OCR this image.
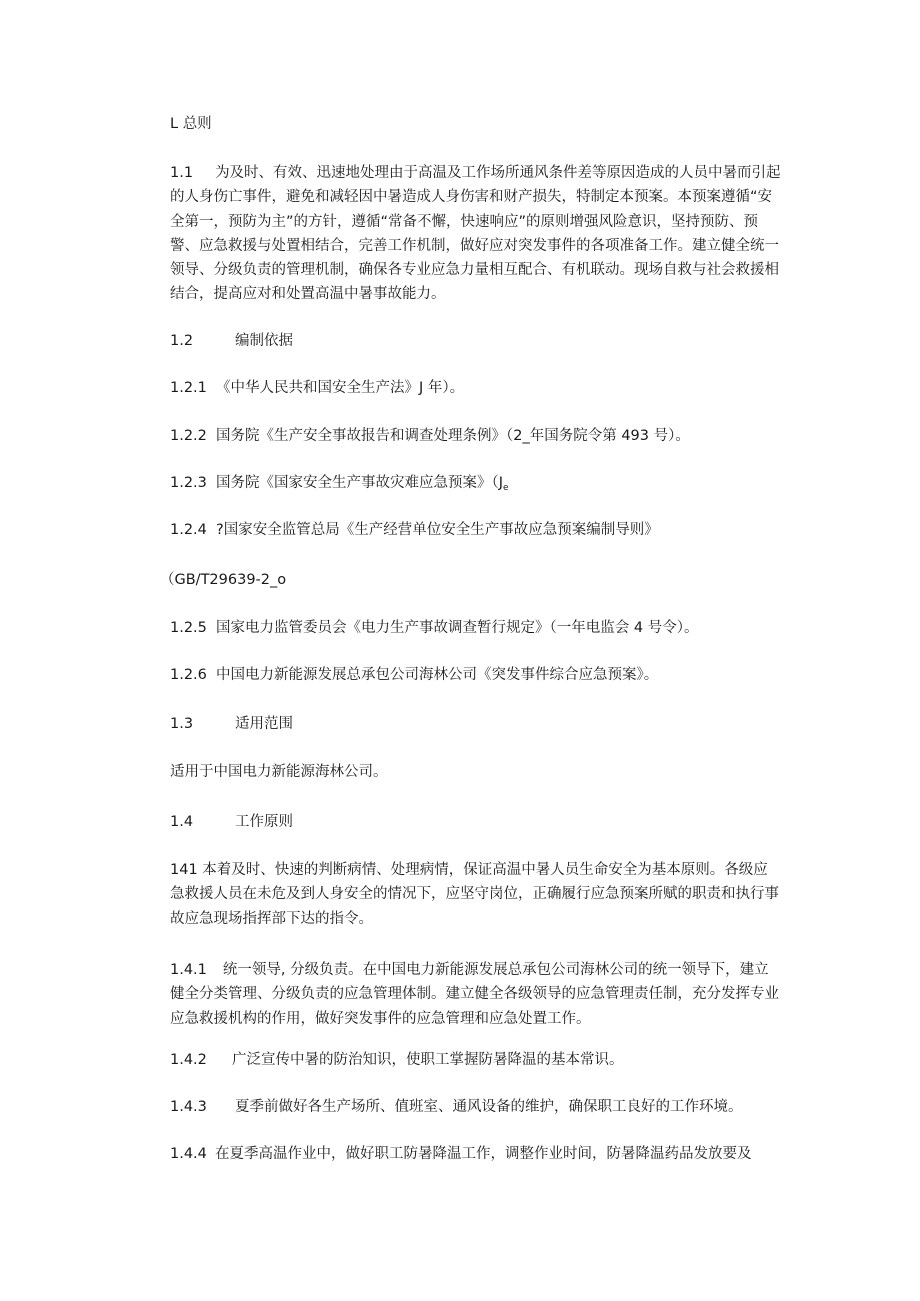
L 总则
1.1 为及时、有效、迅速地处理由于高温及工作场所通风条件差等原因造成的人员中暑而引起的人身伤亡事件，避免和减轻因中暑造成人身伤害和财产损失，特制定本预案。本预案遵循“安全第一，预防为主”的方针，遵循“常备不懈，快速响应”的原则增强风险意识，坚持预防、预警、应急救援与处置相结合，完善工作机制，做好应对突发事件的各项准备工作。建立健全统一领导、分级负责的管理机制，确保各专业应急力量相互配合、有机联动。现场自救与社会救援相结合，提高应对和处置高温中暑事故能力。
1.2	编制依据
1.2.1 《中华人民共和国安全生产法》J 年）。
1.2.2 国务院《生产安全事故报告和调查处理条例》（2_年国务院令第 493 号）。
1.2.3 国务院《国家安全生产事故灾难应急预案》（$J_e$
1.2.4 ?国家安全监管总局《生产经营单位安全生产事故应急预案编制导则》
（GB/T29639-2_o
1.2.5 国家电力监管委员会《电力生产事故调查暂行规定》（一年电监会 4 号令）。
1.2.6 中国电力新能源发展总承包公司海林公司《突发事件综合应急预案》。
1.3	适用范围
适用于中国电力新能源海林公司。
1.4	工作原则
141 本着及时、快速的判断病情、处理病情，保证高温中暑人员生命安全为基本原则。各级应急救援人员在未危及到人身安全的情况下，应坚守岗位，正确履行应急预案所赋的职责和执行事故应急现场指挥部下达的指令。
1.4.1 统一领导, 分级负责。在中国电力新能源发展总承包公司海林公司的统一领导下，建立健全分类管理、分级负责的应急管理体制。建立健全各级领导的应急管理责任制，充分发挥专业应急救援机构的作用，做好突发事件的应急管理和应急处置工作。
1.4.2 广泛宣传中暑的防治知识，使职工掌握防暑降温的基本常识。
1.4.3 夏季前做好各生产场所、值班室、通风设备的维护，确保职工良好的工作环境。
1.4.4 在夏季高温作业中，做好职工防暑降温工作，调整作业时间，防暑降温药品发放要及
